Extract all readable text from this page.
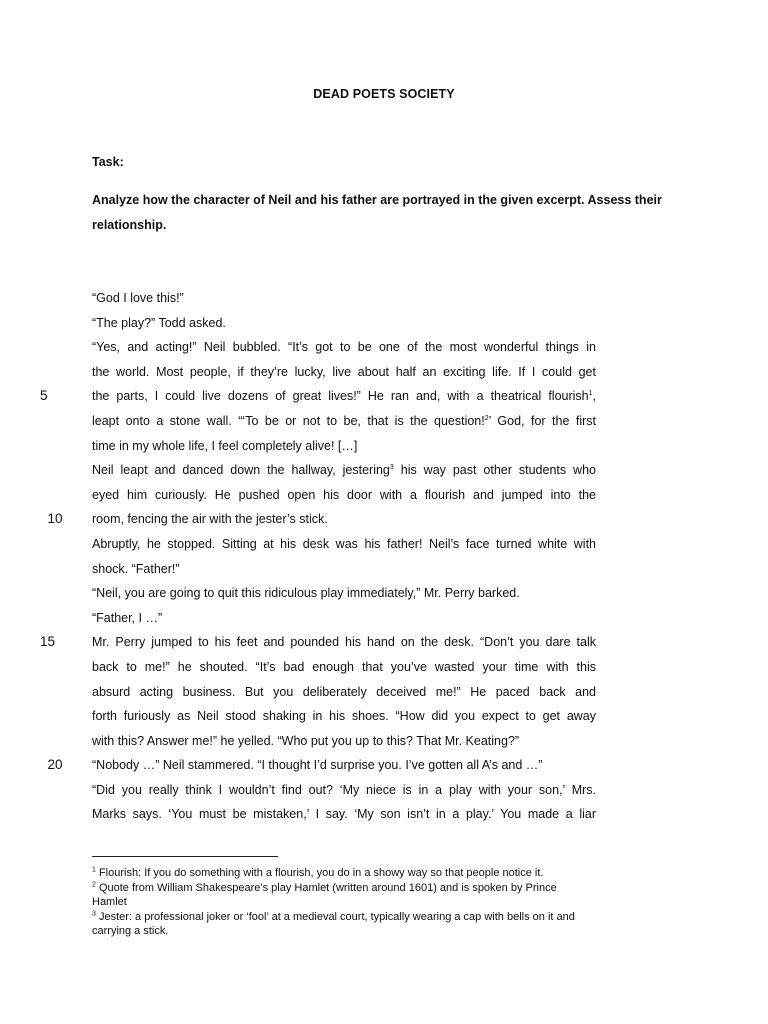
DEAD POETS SOCIETY
Task:
Analyze how the character of Neil and his father are portrayed in the given excerpt. Assess their relationship.
“God I love this!”
“The play?” Todd asked.
“Yes, and acting!” Neil bubbled. “It’s got to be one of the most wonderful things in
the world. Most people, if they’re lucky, live about half an exciting life. If I could get
5	the parts, I could live dozens of great lives!” He ran and, with a theatrical flourish$^1$,
leapt onto a stone wall. “‘To be or not to be, that is the question!$^2$’ God, for the first
time in my whole life, I feel completely alive! […]
Neil leapt and danced down the hallway, jestering$^3$ his way past other students who
eyed him curiously. He pushed open his door with a flourish and jumped into the
10	room, fencing the air with the jester’s stick.
Abruptly, he stopped. Sitting at his desk was his father! Neil’s face turned white with
shock. “Father!”
“Neil, you are going to quit this ridiculous play immediately,” Mr. Perry barked.
“Father, I …”
15	Mr. Perry jumped to his feet and pounded his hand on the desk. “Don’t you dare talk
back to me!” he shouted. “It’s bad enough that you’ve wasted your time with this
absurd acting business. But you deliberately deceived me!” He paced back and
forth furiously as Neil stood shaking in his shoes. “How did you expect to get away
with this? Answer me!” he yelled. “Who put you up to this? That Mr. Keating?”
20	“Nobody …” Neil stammered. “I thought I’d surprise you. I’ve gotten all A’s and …”
“Did you really think I wouldn’t find out? ‘My niece is in a play with your son,’ Mrs.
Marks says. ‘You must be mistaken,’ I say. ‘My son isn’t in a play.’ You made a liar
$^1$ Flourish: If you do something with a flourish, you do in a showy way so that people notice it.
$^2$ Quote from William Shakespeare’s play Hamlet (written around 1601) and is spoken by Prince Hamlet
$^3$ Jester: a professional joker or ‘fool’ at a medieval court, typically wearing a cap with bells on it and carrying a stick.
